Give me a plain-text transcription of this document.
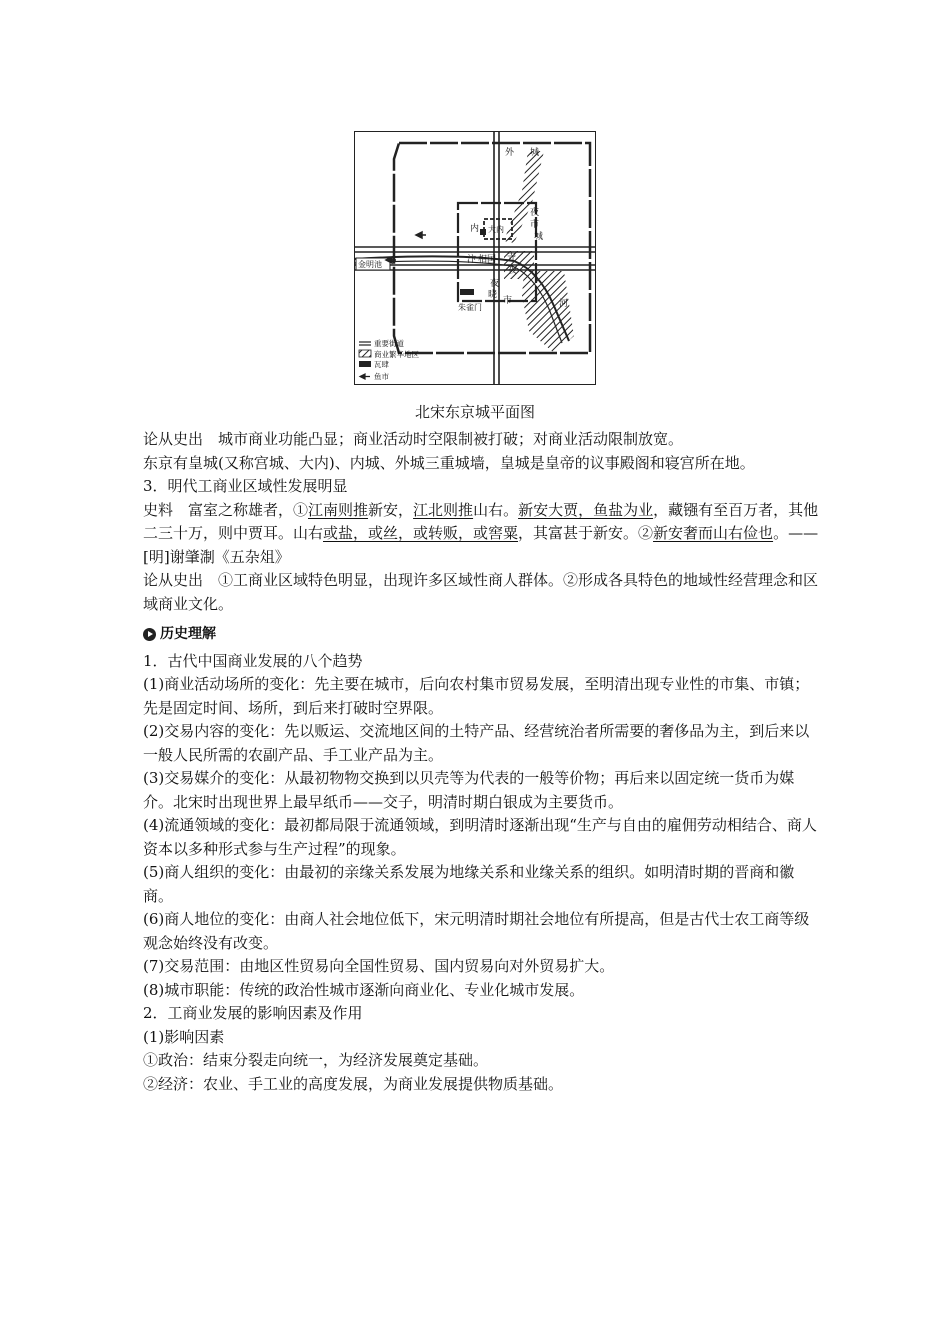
外 城
内 大内
夜
市
城
汴 相国 寺
夜
金明池
夜
晓
市
朱雀门	河
重要街道
商业繁华地区
瓦肆
鱼市
北宋东京城平面图

论从史出　城市商业功能凸显；商业活动时空限制被打破；对商业活动限制放宽。

东京有皇城(又称宫城、大内)、内城、外城三重城墙，皇城是皇帝的议事殿阁和寝宫所在地。

3．明代工商业区域性发展明显

史料　富室之称雄者，①江南则推新安，江北则推山右。新安大贾，鱼盐为业，藏镪有至百万者，其他二三十万，则中贾耳。山右或盐，或丝，或转贩，或窖粟，其富甚于新安。②新安奢而山右俭也。——[明]谢肇淛《五杂俎》

论从史出　①工商业区域特色明显，出现许多区域性商人群体。②形成各具特色的地域性经营理念和区域商业文化。

历史理解

1．古代中国商业发展的八个趋势

(1)商业活动场所的变化：先主要在城市，后向农村集市贸易发展，至明清出现专业性的市集、市镇；先是固定时间、场所，到后来打破时空界限。

(2)交易内容的变化：先以贩运、交流地区间的土特产品、经营统治者所需要的奢侈品为主，到后来以一般人民所需的农副产品、手工业产品为主。

(3)交易媒介的变化：从最初物物交换到以贝壳等为代表的一般等价物；再后来以固定统一货币为媒介。北宋时出现世界上最早纸币——交子，明清时期白银成为主要货币。

(4)流通领域的变化：最初都局限于流通领域，到明清时逐渐出现“生产与自由的雇佣劳动相结合、商人资本以多种形式参与生产过程”的现象。

(5)商人组织的变化：由最初的亲缘关系发展为地缘关系和业缘关系的组织。如明清时期的晋商和徽商。

(6)商人地位的变化：由商人社会地位低下，宋元明清时期社会地位有所提高，但是古代士农工商等级观念始终没有改变。

(7)交易范围：由地区性贸易向全国性贸易、国内贸易向对外贸易扩大。

(8)城市职能：传统的政治性城市逐渐向商业化、专业化城市发展。

2．工商业发展的影响因素及作用

(1)影响因素

①政治：结束分裂走向统一，为经济发展奠定基础。

②经济：农业、手工业的高度发展，为商业发展提供物质基础。
